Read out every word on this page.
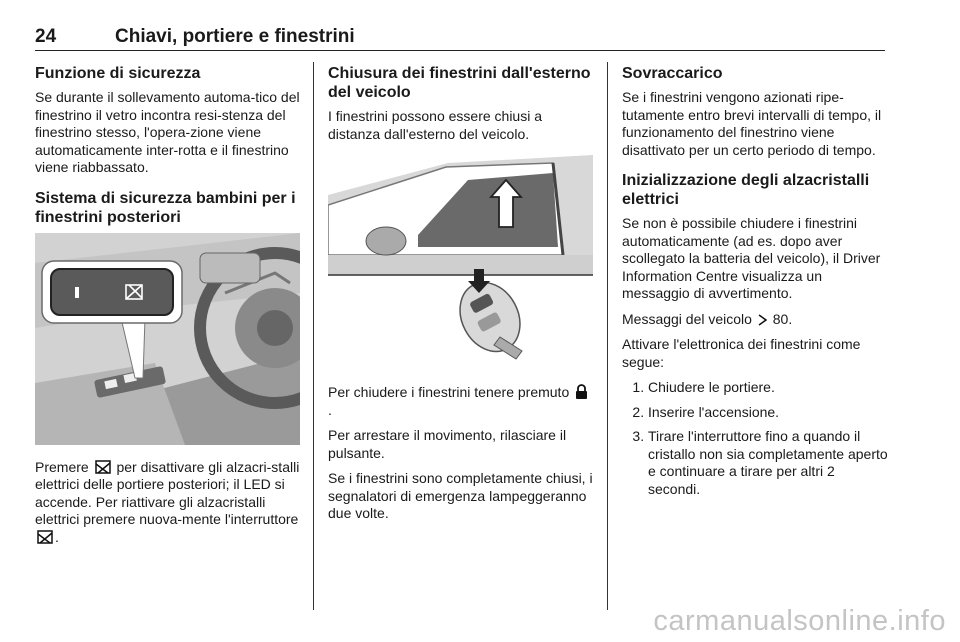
24	Chiavi, portiere e finestrini
Funzione di sicurezza

Se durante il sollevamento automa-tico del finestrino il vetro incontra resi-stenza del finestrino stesso, l'opera-zione viene automaticamente inter-rotta e il finestrino viene riabbassato.

Sistema di sicurezza bambini per i finestrini posteriori

Premere per disattivare gli alzacri-stalli elettrici delle portiere posteriori; il LED si accende. Per riattivare gli alzacristalli elettrici premere nuova-mente l'interruttore .

Chiusura dei finestrini dall'esterno del veicolo

I finestrini possono essere chiusi a distanza dall'esterno del veicolo.

Per chiudere i finestrini tenere premuto .

Per arrestare il movimento, rilasciare il pulsante.

Se i finestrini sono completamente chiusi, i segnalatori di emergenza lampeggeranno due volte.

Sovraccarico

Se i finestrini vengono azionati ripe-tutamente entro brevi intervalli di tempo, il funzionamento del finestrino viene disattivato per un certo periodo di tempo.

Inizializzazione degli alzacristalli elettrici

Se non è possibile chiudere i finestrini automaticamente (ad es. dopo aver scollegato la batteria del veicolo), il Driver Information Centre visualizza un messaggio di avvertimento.

Messaggi del veicolo 80.

Attivare l'elettronica dei finestrini come segue:

1. Chiudere le portiere.
2. Inserire l'accensione.
3. Tirare l'interruttore fino a quando il cristallo non sia completamente aperto e continuare a tirare per altri 2 secondi.
carmanualsonline.info
